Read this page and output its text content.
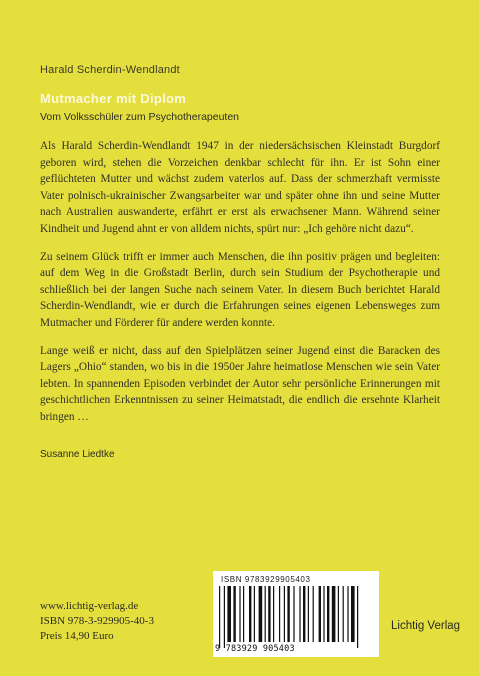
Harald Scherdin-Wendlandt
Mutmacher mit Diplom
Vom Volksschüler zum Psychotherapeuten

Als Harald Scherdin-Wendlandt 1947 in der niedersächsischen Kleinstadt Burgdorf geboren wird, stehen die Vorzeichen denkbar schlecht für ihn. Er ist Sohn einer geflüchteten Mutter und wächst zudem vaterlos auf. Dass der schmerzhaft vermisste Vater polnisch-ukrainischer Zwangsarbeiter war und später ohne ihn und seine Mutter nach Australien auswanderte, erfährt er erst als erwachsener Mann. Während seiner Kindheit und Jugend ahnt er von alldem nichts, spürt nur: „Ich gehöre nicht dazu“.

Zu seinem Glück trifft er immer auch Menschen, die ihn positiv prägen und begleiten: auf dem Weg in die Großstadt Berlin, durch sein Studium der Psychotherapie und schließlich bei der langen Suche nach seinem Vater. In diesem Buch berichtet Harald Scherdin-Wendlandt, wie er durch die Erfahrungen seines eigenen Lebensweges zum Mutmacher und Förderer für andere werden konnte.

Lange weiß er nicht, dass auf den Spielplätzen seiner Jugend einst die Baracken des Lagers „Ohio“ standen, wo bis in die 1950er Jahre heimatlose Menschen wie sein Vater lebten. In spannenden Episoden verbindet der Autor sehr persönliche Erinnerungen mit geschichtlichen Erkenntnissen zu seiner Heimatstadt, die endlich die ersehnte Klarheit bringen …

Susanne Liedtke
ISBN 9783929905403
9 783929 905403
www.lichtig-verlag.de
ISBN 978-3-929905-40-3
Preis 14,90 Euro
Lichtig Verlag
